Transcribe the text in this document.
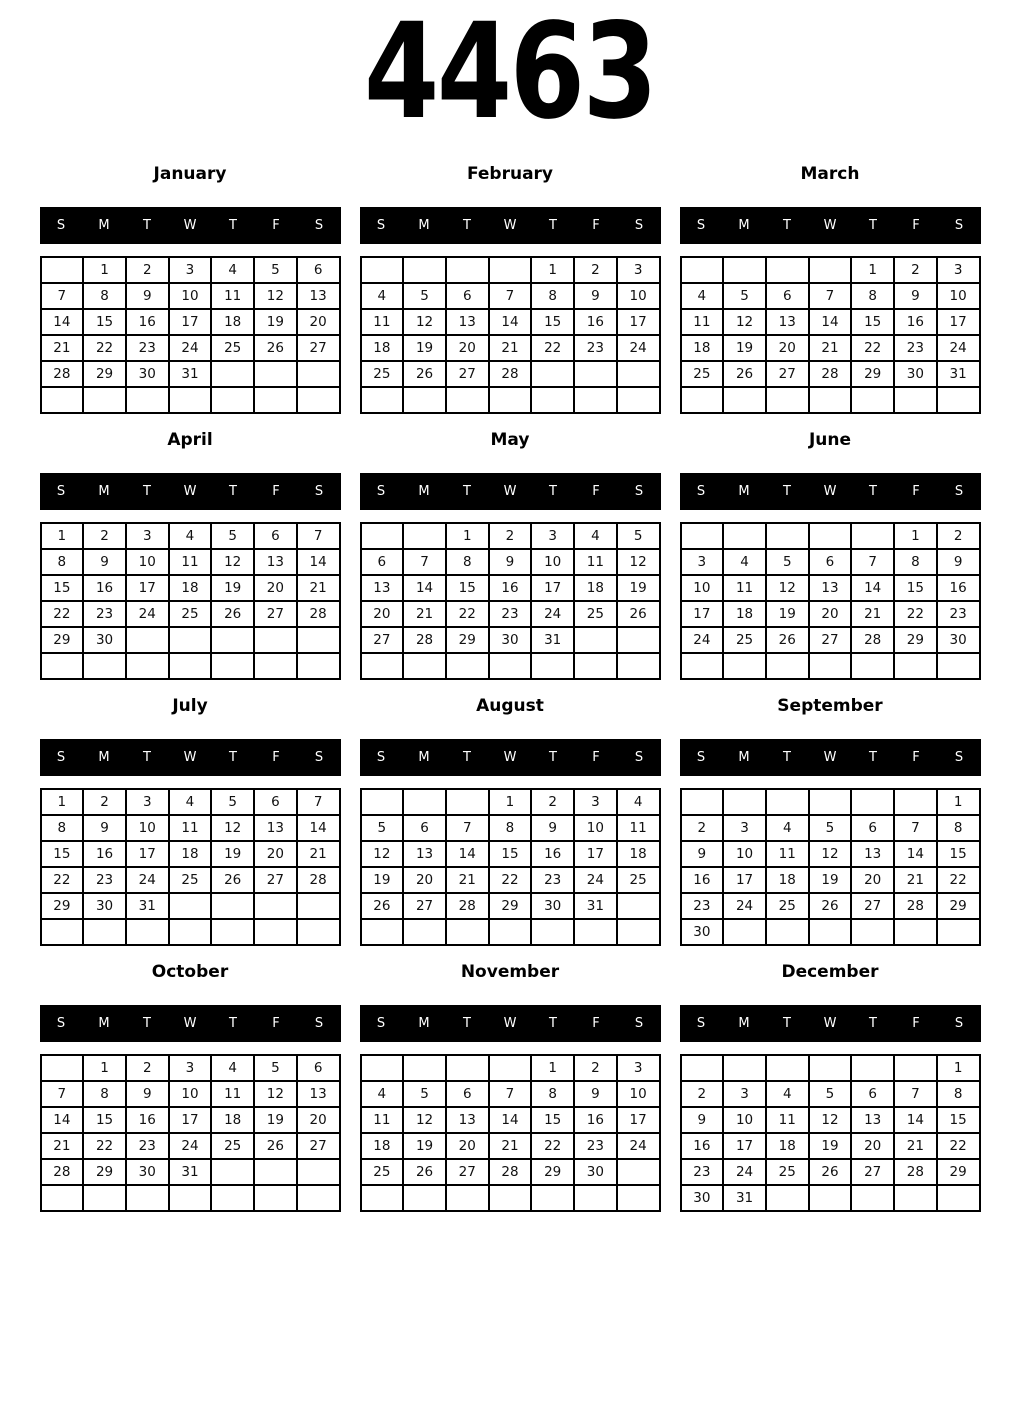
4463
January
S	M	T	W	T	F	S
	1	2	3	4	5	6
7	8	9	10	11	12	13
14	15	16	17	18	19	20
21	22	23	24	25	26	27
28	29	30	31			

February
S	M	T	W	T	F	S
				1	2	3
4	5	6	7	8	9	10
11	12	13	14	15	16	17
18	19	20	21	22	23	24
25	26	27	28			

March
S	M	T	W	T	F	S
				1	2	3
4	5	6	7	8	9	10
11	12	13	14	15	16	17
18	19	20	21	22	23	24
25	26	27	28	29	30	31

April
S	M	T	W	T	F	S
1	2	3	4	5	6	7
8	9	10	11	12	13	14
15	16	17	18	19	20	21
22	23	24	25	26	27	28
29	30					

May
S	M	T	W	T	F	S
		1	2	3	4	5
6	7	8	9	10	11	12
13	14	15	16	17	18	19
20	21	22	23	24	25	26
27	28	29	30	31		

June
S	M	T	W	T	F	S
					1	2
3	4	5	6	7	8	9
10	11	12	13	14	15	16
17	18	19	20	21	22	23
24	25	26	27	28	29	30

July
S	M	T	W	T	F	S
1	2	3	4	5	6	7
8	9	10	11	12	13	14
15	16	17	18	19	20	21
22	23	24	25	26	27	28
29	30	31				

August
S	M	T	W	T	F	S
			1	2	3	4
5	6	7	8	9	10	11
12	13	14	15	16	17	18
19	20	21	22	23	24	25
26	27	28	29	30	31	

September
S	M	T	W	T	F	S
						1
2	3	4	5	6	7	8
9	10	11	12	13	14	15
16	17	18	19	20	21	22
23	24	25	26	27	28	29
30						
October
S	M	T	W	T	F	S
	1	2	3	4	5	6
7	8	9	10	11	12	13
14	15	16	17	18	19	20
21	22	23	24	25	26	27
28	29	30	31			

November
S	M	T	W	T	F	S
				1	2	3
4	5	6	7	8	9	10
11	12	13	14	15	16	17
18	19	20	21	22	23	24
25	26	27	28	29	30	

December
S	M	T	W	T	F	S
						1
2	3	4	5	6	7	8
9	10	11	12	13	14	15
16	17	18	19	20	21	22
23	24	25	26	27	28	29
30	31					
